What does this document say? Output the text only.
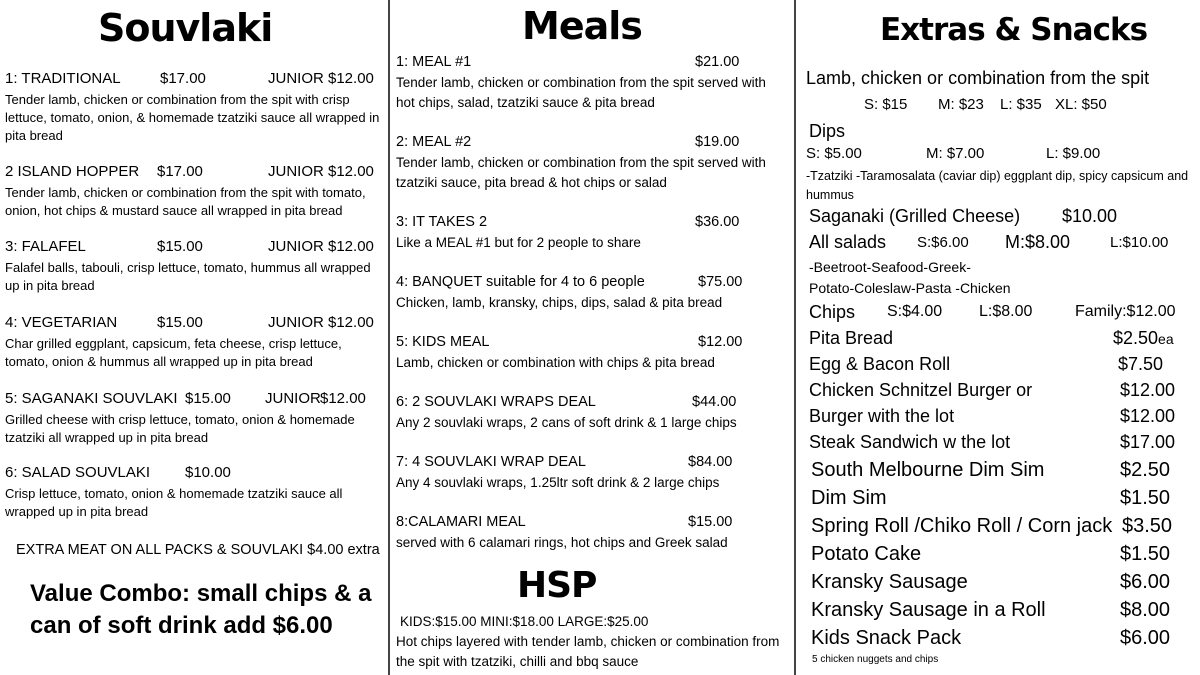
Souvlaki
1: TRADITIONAL	$17.00	JUNIOR $12.00
Tender lamb, chicken or combination from the spit with crisp lettuce, tomato, onion, & homemade tzatziki sauce all wrapped in pita bread
2 ISLAND HOPPER $17.00	JUNIOR $12.00
Tender lamb, chicken or combination from the spit with tomato, onion, hot chips & mustard sauce all wrapped in pita bread
3: FALAFEL	$15.00	JUNIOR $12.00
Falafel balls, tabouli, crisp lettuce, tomato, hummus all wrapped up in pita bread
4: VEGETARIAN	$15.00	JUNIOR $12.00
Char grilled eggplant, capsicum, feta cheese, crisp lettuce, tomato, onion & hummus all wrapped up in pita bread
5: SAGANAKI SOUVLAKI $15.00 JUNIOR $12.00
Grilled cheese with crisp lettuce, tomato, onion & homemade tzatziki all wrapped up in pita bread
6: SALAD SOUVLAKI $10.00
Crisp lettuce, tomato, onion & homemade tzatziki sauce all wrapped up in pita bread
EXTRA MEAT ON ALL PACKS & SOUVLAKI $4.00 extra
Value Combo: small chips & a
can of soft drink add $6.00
Meals
1: MEAL #1	$21.00
Tender lamb, chicken or combination from the spit served with hot chips, salad, tzatziki sauce & pita bread
2: MEAL #2	$19.00
Tender lamb, chicken or combination from the spit served with tzatziki sauce, pita bread & hot chips or salad
3: IT TAKES 2	$36.00
Like a MEAL #1 but for 2 people to share
4: BANQUET suitable for 4 to 6 people	$75.00
Chicken, lamb, kransky, chips, dips, salad & pita bread
5: KIDS MEAL	$12.00
Lamb, chicken or combination with chips & pita bread
6: 2 SOUVLAKI WRAPS DEAL	$44.00
Any 2 souvlaki wraps, 2 cans of soft drink & 1 large chips
7: 4 SOUVLAKI WRAP DEAL	$84.00
Any 4 souvlaki wraps, 1.25ltr soft drink & 2 large chips
8:CALAMARI MEAL	$15.00
served with 6 calamari rings, hot chips and Greek salad
HSP
KIDS:$15.00 MINI:$18.00 LARGE:$25.00
Hot chips layered with tender lamb, chicken or combination from
the spit with tzatziki, chilli and bbq sauce
Extras & Snacks
Lamb, chicken or combination from the spit
S: $15 M: $23 L: $35 XL: $50
Dips
S: $5.00	M: $7.00	L: $9.00
-Tzatziki -Taramosalata (caviar dip) eggplant dip, spicy capsicum and
hummus
Saganaki (Grilled Cheese) $10.00
All salads S:$6.00 M:$8.00	L:$10.00
-Beetroot-Seafood-Greek-
Potato-Coleslaw-Pasta -Chicken
Chips S:$4.00 L:$8.00	Family:$12.00
Pita Bread	$2.50ea
Egg & Bacon Roll	$7.50
Chicken Schnitzel Burger or	$12.00
Burger with the lot	$12.00
Steak Sandwich w the lot	$17.00
South Melbourne Dim Sim	$2.50
Dim Sim	$1.50
Spring Roll /Chiko Roll / Corn jack $3.50
Potato Cake	$1.50
Kransky Sausage	$6.00
Kransky Sausage in a Roll	$8.00
Kids Snack Pack	$6.00
5 chicken nuggets and chips
